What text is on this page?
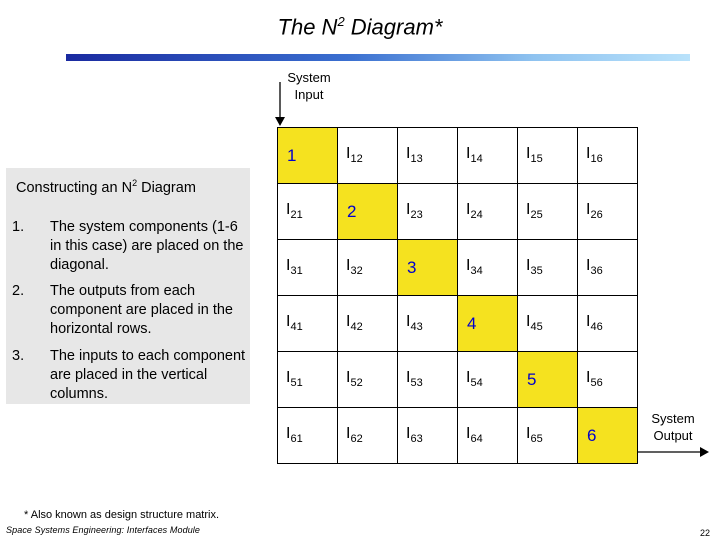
The $N^2$ Diagram*
System
Input
System
Output
Constructing an $N^2$ Diagram
1. The system components (1-6 in this case) are placed on the diagonal.
2. The outputs from each component are placed in the horizontal rows.
3. The inputs to each component are placed in the vertical columns.
1	$I_{12}$	$I_{13}$	$I_{14}$	$I_{15}$	$I_{16}$
$I_{21}$	2	$I_{23}$	$I_{24}$	$I_{25}$	$I_{26}$
$I_{31}$	$I_{32}$	3	$I_{34}$	$I_{35}$	$I_{36}$
$I_{41}$	$I_{42}$	$I_{43}$	4	$I_{45}$	$I_{46}$
$I_{51}$	$I_{52}$	$I_{53}$	$I_{54}$	5	$I_{56}$
$I_{61}$	$I_{62}$	$I_{63}$	$I_{64}$	$I_{65}$	6
* Also known as design structure matrix.
Space Systems Engineering: Interfaces Module	22
